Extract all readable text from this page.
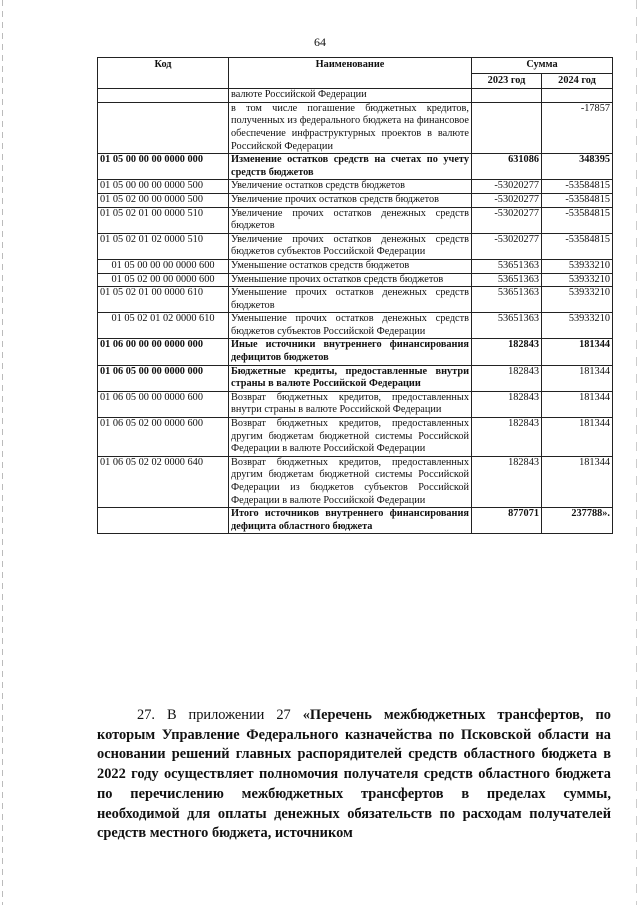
64
Код	Наименование	Сумма	
		2023 год	2024 год
	валюте Российской Федерации		
	в том числе погашение бюджетных кредитов, полученных из федерального бюджета на финансовое обеспечение инфраструктурных проектов в валюте Российской Федерации		-17857
01 05 00 00 00 0000 000	Изменение остатков средств на счетах по учету средств бюджетов	631086	348395
01 05 00 00 00 0000 500	Увеличение остатков средств бюджетов	-53020277	-53584815
01 05 02 00 00 0000 500	Увеличение прочих остатков средств бюджетов	-53020277	-53584815
01 05 02 01 00 0000 510	Увеличение прочих остатков денежных средств бюджетов	-53020277	-53584815
01 05 02 01 02 0000 510	Увеличение прочих остатков денежных средств бюджетов субъектов Российской Федерации	-53020277	-53584815
01 05 00 00 00 0000 600	Уменьшение остатков средств бюджетов	53651363	53933210
01 05 02 00 00 0000 600	Уменьшение прочих остатков средств бюджетов	53651363	53933210
01 05 02 01 00 0000 610	Уменьшение прочих остатков денежных средств бюджетов	53651363	53933210
01 05 02 01 02 0000 610	Уменьшение прочих остатков денежных средств бюджетов субъектов Российской Федерации	53651363	53933210
01 06 00 00 00 0000 000	Иные источники внутреннего финансирования дефицитов бюджетов	182843	181344
01 06 05 00 00 0000 000	Бюджетные кредиты, предоставленные внутри страны в валюте Российской Федерации	182843	181344
01 06 05 00 00 0000 600	Возврат бюджетных кредитов, предоставленных внутри страны в валюте Российской Федерации	182843	181344
01 06 05 02 00 0000 600	Возврат бюджетных кредитов, предоставленных другим бюджетам бюджетной системы Российской Федерации в валюте Российской Федерации	182843	181344
01 06 05 02 02 0000 640	Возврат бюджетных кредитов, предоставленных другим бюджетам бюджетной системы Российской Федерации из бюджетов субъектов Российской Федерации в валюте Российской Федерации	182843	181344
	Итого источников внутреннего финансирования дефицита областного бюджета	877071	237788».
27. В приложении 27 «Перечень межбюджетных трансфертов, по которым Управление Федерального казначейства по Псковской области на основании решений главных распорядителей средств областного бюджета в 2022 году осуществляет полномочия получателя средств областного бюджета по перечислению межбюджетных трансфертов в пределах суммы, необходимой для оплаты денежных обязательств по расходам получателей средств местного бюджета, источником
